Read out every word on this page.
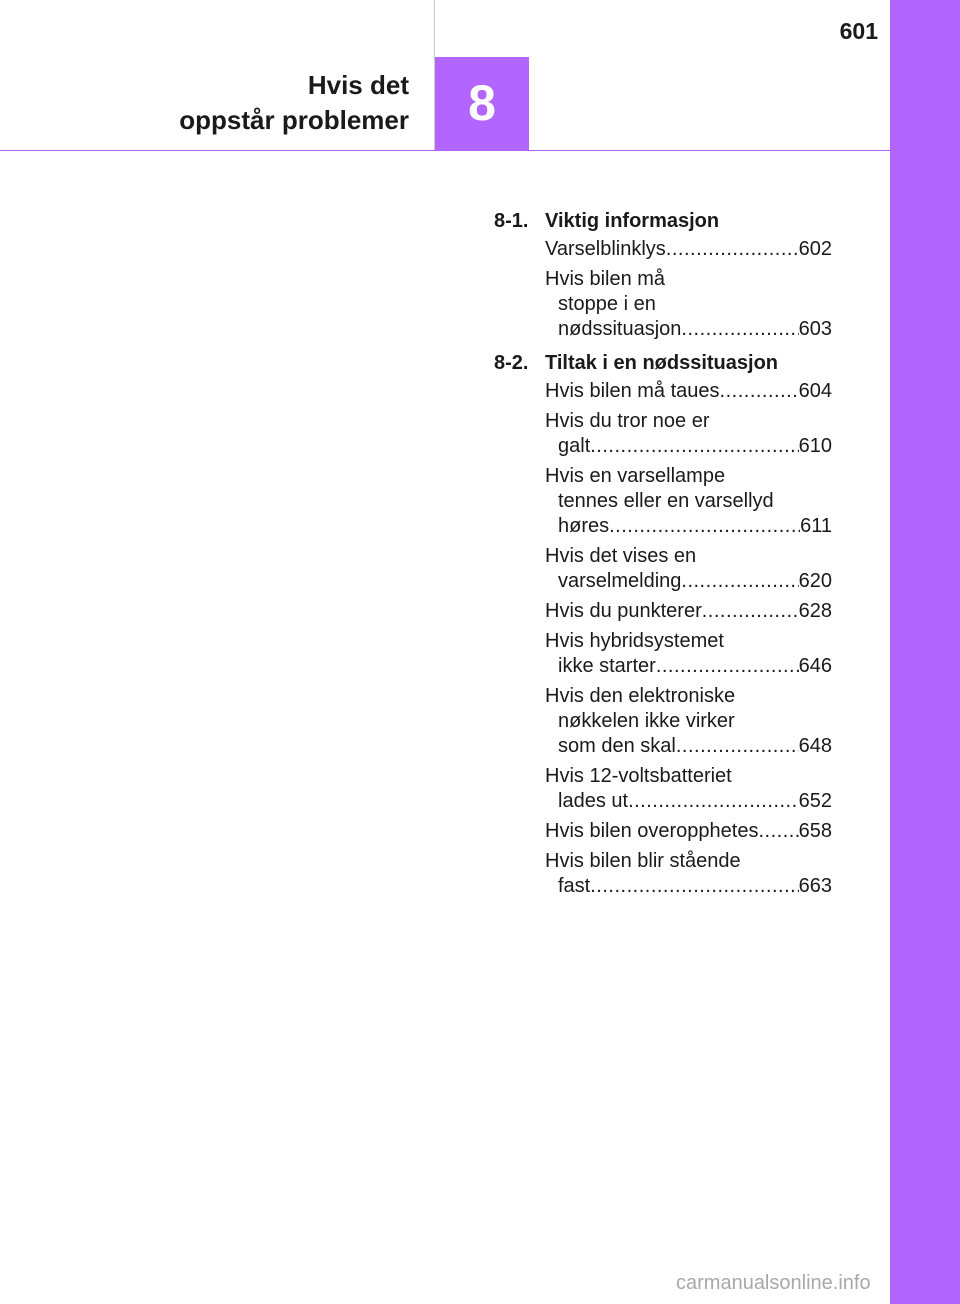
Hvis det
oppstår problemer	8
601
8-1. Viktig informasjon
Varselblinklys .....	602
Hvis bilen må
stoppe i en
nødssituasjon .....	603
8-2. Tiltak i en nødssituasjon
Hvis bilen må taues .....	604
Hvis du tror noe er
galt .....	610
Hvis en varsellampe
tennes eller en varsellyd
høres .....	611
Hvis det vises en
varselmelding .....	620
Hvis du punkterer .....	628
Hvis hybridsystemet
ikke starter .....	646
Hvis den elektroniske
nøkkelen ikke virker
som den skal .....	648
Hvis 12-voltsbatteriet
lades ut .....	652
Hvis bilen overopphetes ..... 658
Hvis bilen blir stående
fast .....	663
carmanualsonline.info
